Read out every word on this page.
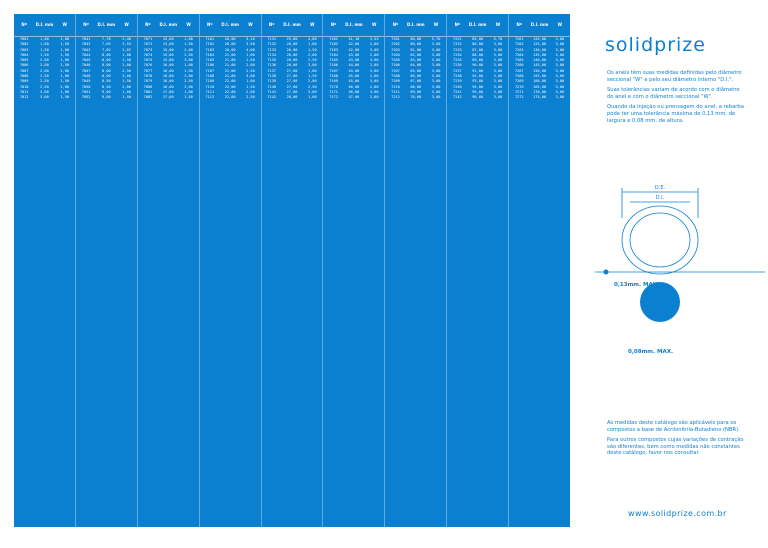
Nº	D.I. mm	W
7001	1,00	1,00
7002	1,00	1,50
7003	1,50	1,00
7004	1,50	1,50
7005	2,00	1,00
7006	2,00	1,50
7007	2,00	2,00
7008	2,50	1,00
7009	2,50	1,50
7010	2,50	2,00
7011	3,00	1,00
7012	3,00	1,50
Nº	D.I. mm	W
7041	7,70	2,40
7042	7,65	3,53
7043	7,82	2,62
7044	8,00	1,00
7045	8,00	1,50
7046	8,00	2,00
7047	8,00	2,50
7048	8,00	3,00
7049	8,50	1,50
7050	8,50	2,00
7051	9,00	1,00
7052	9,00	1,50
Nº	D.I. mm	W
7071	15,00	1,00
7072	15,00	1,50
7073	15,00	2,00
7074	15,00	2,50
7075	15,00	3,00
7076	16,00	1,00
7077	16,00	1,50
7078	16,00	2,00
7079	16,00	2,50
7080	16,00	3,00
7081	17,00	1,00
7082	17,00	1,50
Nº	D.I. mm	W
7101	20,00	3,10
7102	20,00	3,50
7103	20,00	4,00
7104	21,00	1,00
7105	21,00	1,50
7106	21,00	2,00
7107	21,00	2,50
7108	21,00	3,00
7109	22,00	1,00
7110	22,00	1,50
7111	22,00	2,00
7112	22,00	2,50
Nº	D.I. mm	W
7131	25,00	4,00
7132	26,00	1,00
7133	26,00	1,50
7134	26,00	2,00
7135	26,00	2,50
7136	26,00	3,00
7137	27,00	1,00
7138	27,00	1,50
7139	27,00	2,00
7140	27,00	2,50
7141	27,00	3,00
7142	28,00	1,00
Nº	D.I. mm	W
7161	41,10	3,53
7162	42,00	2,00
7163	42,00	3,00
7164	43,00	2,00
7165	43,00	3,00
7166	44,00	2,00
7167	44,00	3,00
7168	45,00	2,00
7169	45,00	3,00
7170	46,00	2,00
7171	46,00	3,00
7172	47,00	2,00
Nº	D.I. mm	W
7201	60,00	5,70
7202	60,00	3,00
7203	61,00	3,00
7204	62,00	3,00
7205	63,00	3,00
7206	64,00	3,00
7207	65,00	3,00
7208	66,00	3,00
7209	67,00	3,00
7210	68,00	3,00
7211	69,00	3,00
7212	70,00	3,00
Nº	D.I. mm	W
7231	85,00	5,70
7232	86,00	3,00
7233	87,00	3,00
7234	88,00	3,00
7235	89,00	3,00
7236	90,00	3,00
7237	91,00	3,00
7238	92,00	3,00
7239	93,00	3,00
7240	94,00	3,00
7241	95,00	3,00
7242	96,00	3,00
Nº	D.I. mm	W
7261	120,00	3,00
7262	125,00	3,00
7263	130,00	3,00
7264	135,00	3,00
7265	140,00	3,00
7266	145,00	3,00
7267	150,00	3,00
7268	155,00	3,00
7269	160,00	3,00
7270	165,00	3,00
7271	170,00	3,00
7272	175,00	3,00
solidprize

Os anéis têm suas medidas definidas pelo diâmetro seccional "W" e pelo seu diâmetro interno "D.I.".

Suas tolerâncias variam de acordo com o diâmetro do anel e com o diâmetro seccional "W".

Quando da injeção ou prensagem do anel, a rebarba pode ter uma tolerância máxima de 0,13 mm. de largura e 0,08 mm. de altura.

D.E.
D.I.
W
0,13mm. MAX.
0,08mm. MAX.

As medidas deste catálogo são aplicáveis para os compostos a base de Acrilonitrila-Butadieno (NBR).

Para outros compostos cujas variações de contração são diferentes, bem como medidas não constantes deste catálogo, favor nos consultar.

www.solidprize.com.br
